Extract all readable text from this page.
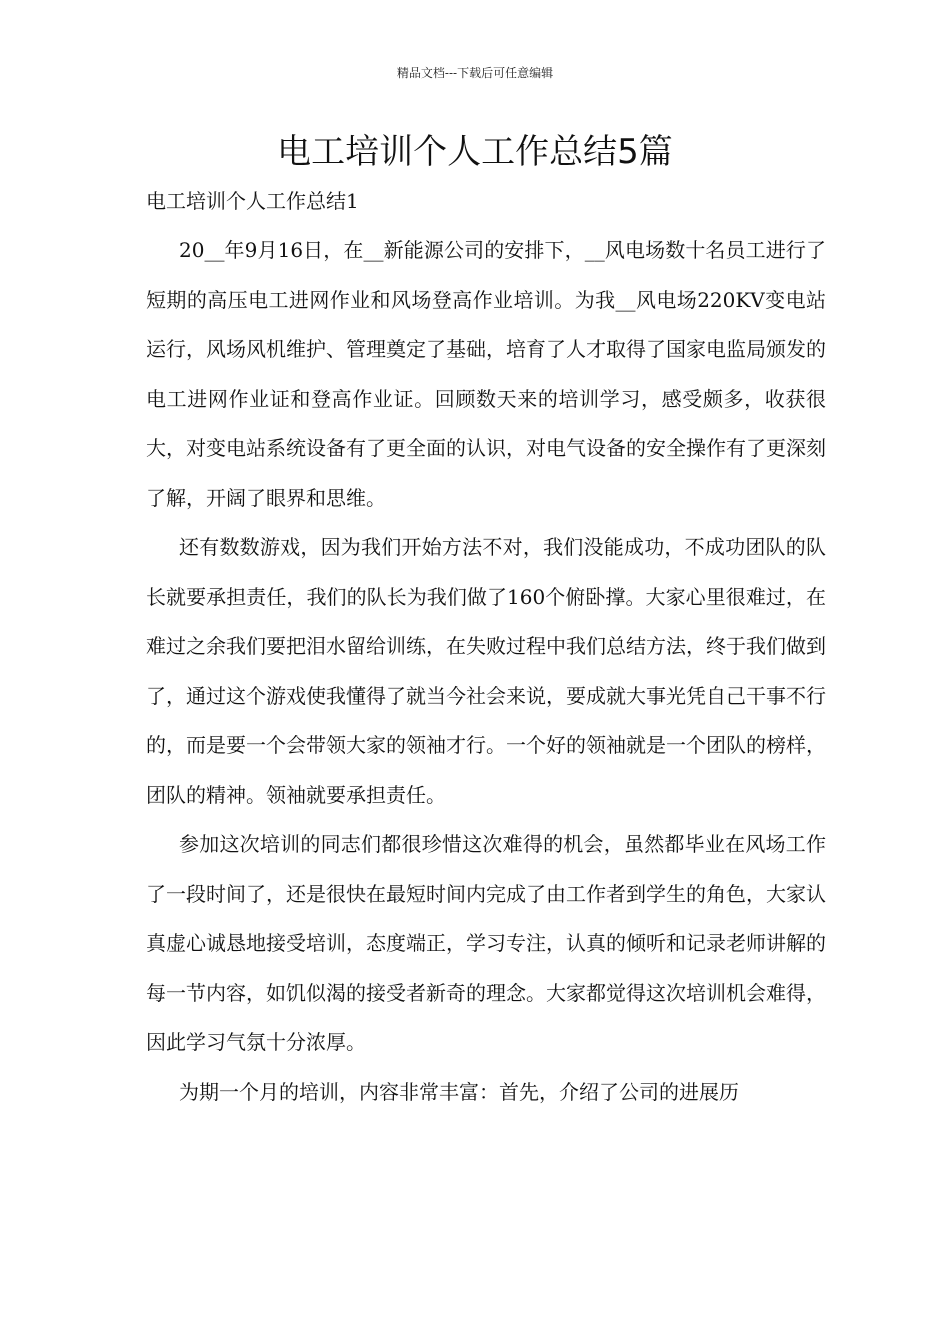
精品文档---下载后可任意编辑
电工培训个人工作总结5篇
电工培训个人工作总结1

20__年9月16日，在__新能源公司的安排下，__风电场数十名员工进行了短期的高压电工进网作业和风场登高作业培训。为我__风电场220KV变电站运行，风场风机维护、管理奠定了基础，培育了人才取得了国家电监局颁发的电工进网作业证和登高作业证。回顾数天来的培训学习，感受颇多，收获很大，对变电站系统设备有了更全面的认识，对电气设备的安全操作有了更深刻了解，开阔了眼界和思维。

还有数数游戏，因为我们开始方法不对，我们没能成功，不成功团队的队长就要承担责任，我们的队长为我们做了160个俯卧撑。大家心里很难过，在难过之余我们要把泪水留给训练，在失败过程中我们总结方法，终于我们做到了，通过这个游戏使我懂得了就当今社会来说，要成就大事光凭自己干事不行的，而是要一个会带领大家的领袖才行。一个好的领袖就是一个团队的榜样，团队的精神。领袖就要承担责任。

参加这次培训的同志们都很珍惜这次难得的机会，虽然都毕业在风场工作了一段时间了，还是很快在最短时间内完成了由工作者到学生的角色，大家认真虚心诚恳地接受培训，态度端正，学习专注，认真的倾听和记录老师讲解的每一节内容，如饥似渴的接受者新奇的理念。大家都觉得这次培训机会难得，因此学习气氛十分浓厚。

为期一个月的培训，内容非常丰富：首先，介绍了公司的进展历
